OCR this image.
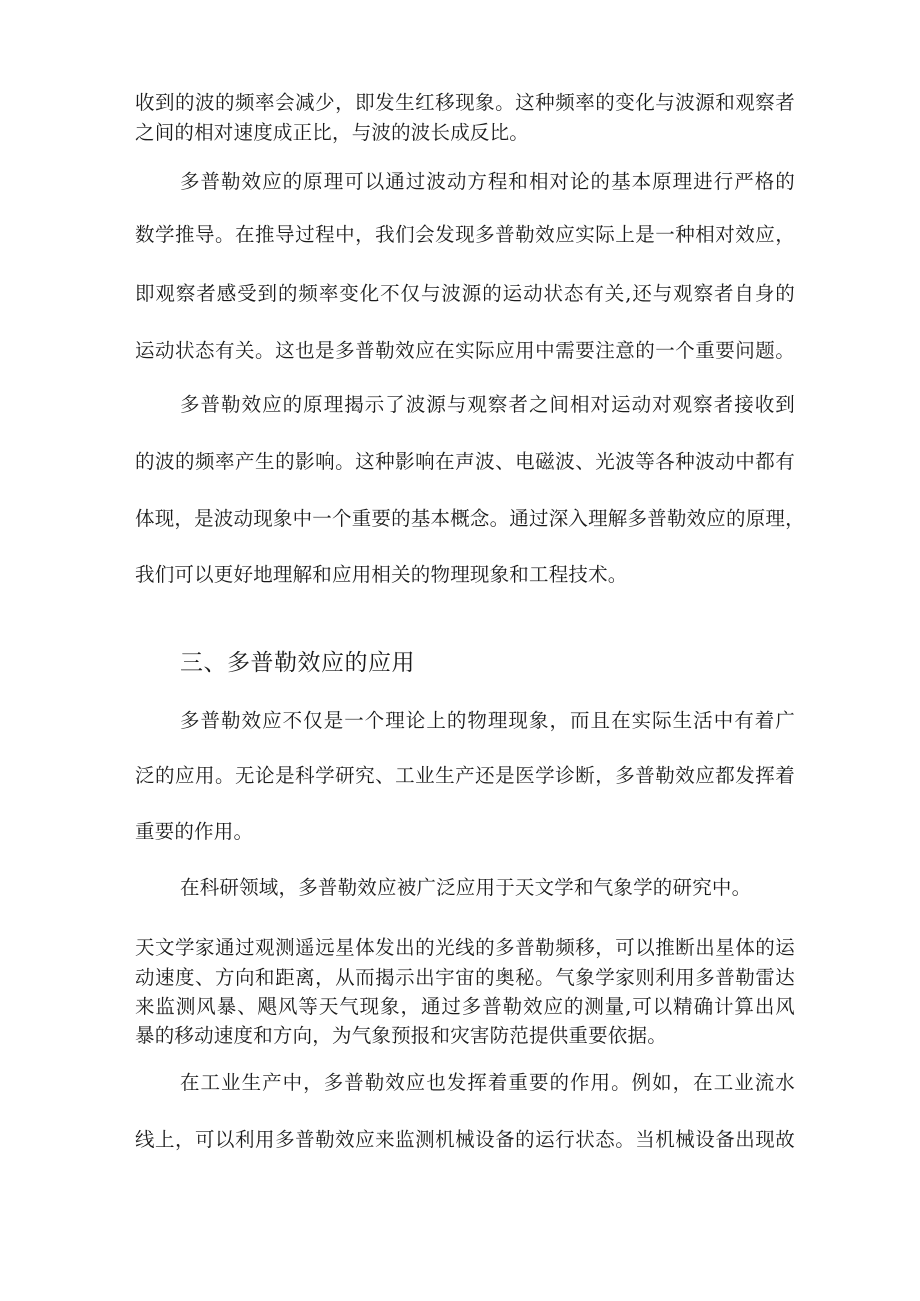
收到的波的频率会减少，即发生红移现象。这种频率的变化与波源和观察者
之间的相对速度成正比，与波的波长成反比。
多普勒效应的原理可以通过波动方程和相对论的基本原理进行严格的
数学推导。在推导过程中，我们会发现多普勒效应实际上是一种相对效应，
即观察者感受到的频率变化不仅与波源的运动状态有关,还与观察者自身的
运动状态有关。这也是多普勒效应在实际应用中需要注意的一个重要问题。
多普勒效应的原理揭示了波源与观察者之间相对运动对观察者接收到
的波的频率产生的影响。这种影响在声波、电磁波、光波等各种波动中都有
体现，是波动现象中一个重要的基本概念。通过深入理解多普勒效应的原理，
我们可以更好地理解和应用相关的物理现象和工程技术。
三、多普勒效应的应用
多普勒效应不仅是一个理论上的物理现象，而且在实际生活中有着广
泛的应用。无论是科学研究、工业生产还是医学诊断，多普勒效应都发挥着
重要的作用。
在科研领域，多普勒效应被广泛应用于天文学和气象学的研究中。
天文学家通过观测遥远星体发出的光线的多普勒频移，可以推断出星体的运
动速度、方向和距离，从而揭示出宇宙的奥秘。气象学家则利用多普勒雷达
来监测风暴、飓风等天气现象，通过多普勒效应的测量,可以精确计算出风
暴的移动速度和方向，为气象预报和灾害防范提供重要依据。
在工业生产中，多普勒效应也发挥着重要的作用。例如，在工业流水
线上，可以利用多普勒效应来监测机械设备的运行状态。当机械设备出现故
